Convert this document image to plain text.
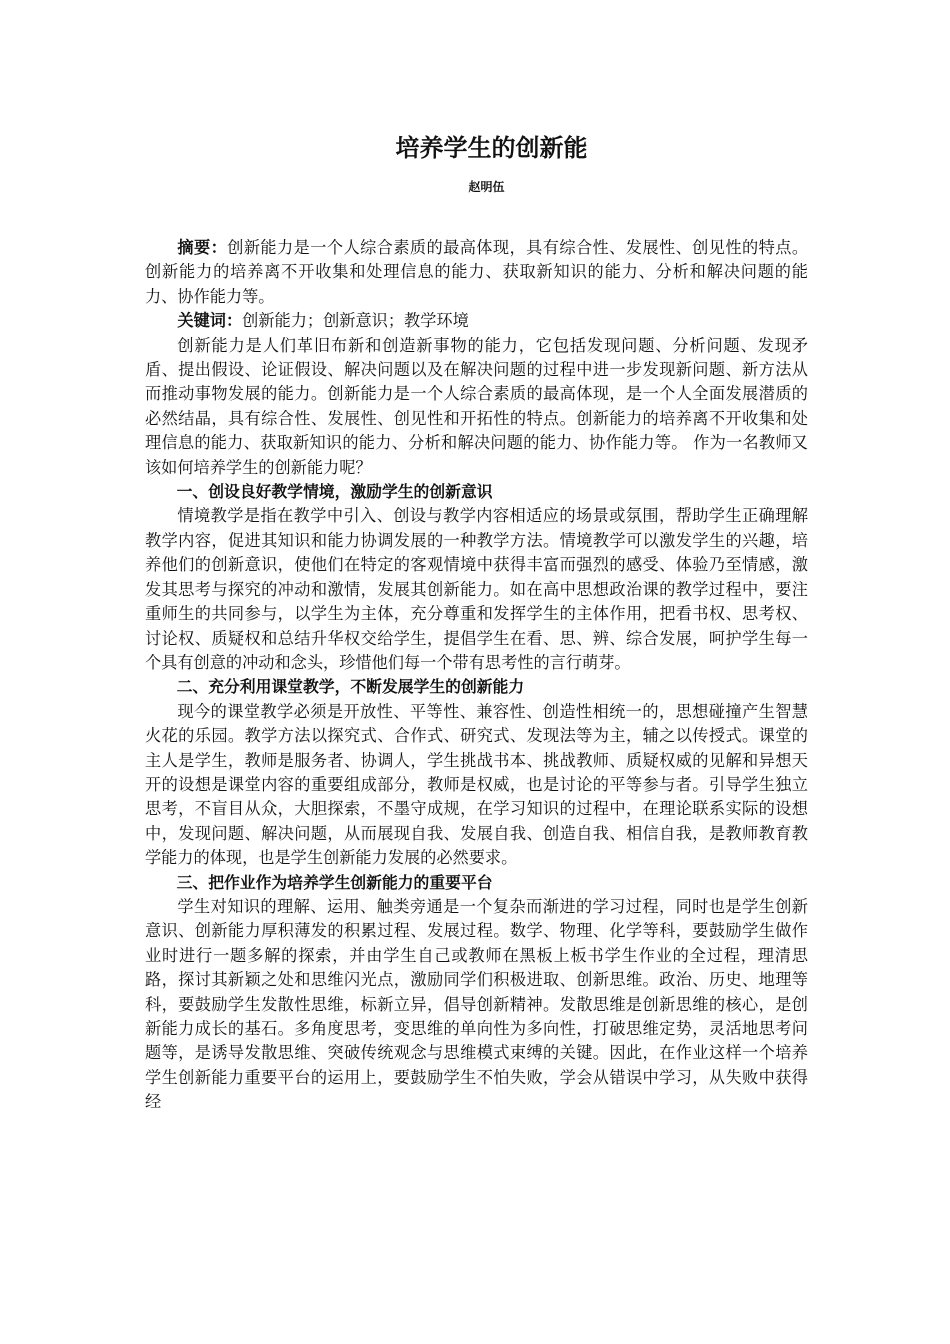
培养学生的创新能
赵明伍

摘要：创新能力是一个人综合素质的最高体现，具有综合性、发展性、创见性的特点。创新能力的培养离不开收集和处理信息的能力、获取新知识的能力、分析和解决问题的能力、协作能力等。

关键词：创新能力；创新意识；教学环境

创新能力是人们革旧布新和创造新事物的能力，它包括发现问题、分析问题、发现矛盾、提出假设、论证假设、解决问题以及在解决问题的过程中进一步发现新问题、新方法从而推动事物发展的能力。创新能力是一个人综合素质的最高体现，是一个人全面发展潜质的必然结晶，具有综合性、发展性、创见性和开拓性的特点。创新能力的培养离不开收集和处理信息的能力、获取新知识的能力、分析和解决问题的能力、协作能力等。 作为一名教师又该如何培养学生的创新能力呢？

一、创设良好教学情境，激励学生的创新意识

情境教学是指在教学中引入、创设与教学内容相适应的场景或氛围，帮助学生正确理解教学内容，促进其知识和能力协调发展的一种教学方法。情境教学可以激发学生的兴趣，培养他们的创新意识，使他们在特定的客观情境中获得丰富而强烈的感受、体验乃至情感，激发其思考与探究的冲动和激情，发展其创新能力。如在高中思想政治课的教学过程中，要注重师生的共同参与，以学生为主体，充分尊重和发挥学生的主体作用，把看书权、思考权、讨论权、质疑权和总结升华权交给学生，提倡学生在看、思、辨、综合发展，呵护学生每一个具有创意的冲动和念头，珍惜他们每一个带有思考性的言行萌芽。

二、充分利用课堂教学，不断发展学生的创新能力

现今的课堂教学必须是开放性、平等性、兼容性、创造性相统一的，思想碰撞产生智慧火花的乐园。教学方法以探究式、合作式、研究式、发现法等为主，辅之以传授式。课堂的主人是学生，教师是服务者、协调人，学生挑战书本、挑战教师、质疑权威的见解和异想天开的设想是课堂内容的重要组成部分，教师是权威，也是讨论的平等参与者。引导学生独立思考，不盲目从众，大胆探索，不墨守成规，在学习知识的过程中，在理论联系实际的设想中，发现问题、解决问题，从而展现自我、发展自我、创造自我、相信自我，是教师教育教学能力的体现，也是学生创新能力发展的必然要求。

三、把作业作为培养学生创新能力的重要平台

学生对知识的理解、运用、触类旁通是一个复杂而渐进的学习过程，同时也是学生创新意识、创新能力厚积薄发的积累过程、发展过程。数学、物理、化学等科，要鼓励学生做作业时进行一题多解的探索，并由学生自己或教师在黑板上板书学生作业的全过程，理清思路，探讨其新颖之处和思维闪光点，激励同学们积极进取、创新思维。政治、历史、地理等科，要鼓励学生发散性思维，标新立异，倡导创新精神。发散思维是创新思维的核心，是创新能力成长的基石。多角度思考，变思维的单向性为多向性，打破思维定势，灵活地思考问题等，是诱导发散思维、突破传统观念与思维模式束缚的关键。因此，在作业这样一个培养学生创新能力重要平台的运用上，要鼓励学生不怕失败，学会从错误中学习，从失败中获得经
